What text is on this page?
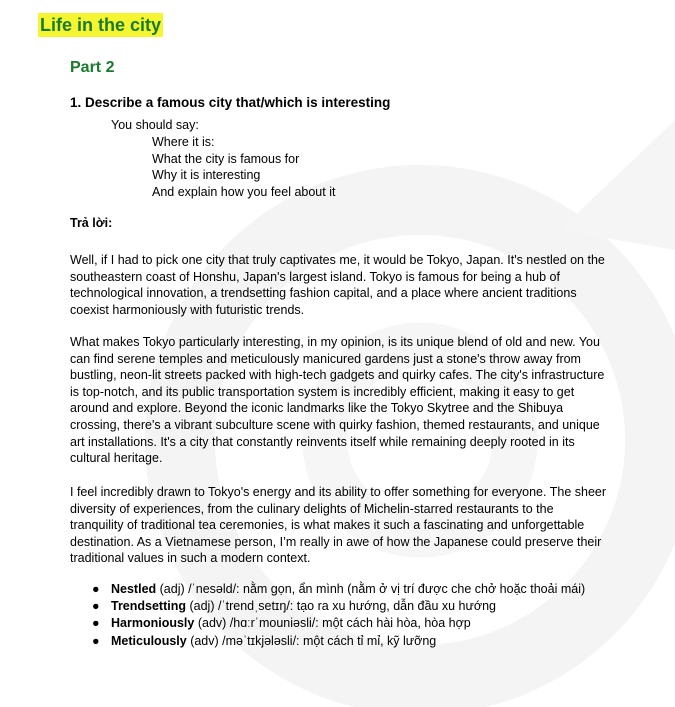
Life in the city
Part 2
1. Describe a famous city that/which is interesting
You should say:
Where it is:
What the city is famous for
Why it is interesting
And explain how you feel about it
Trả lời:

Well, if I had to pick one city that truly captivates me, it would be Tokyo, Japan. It's nestled on the southeastern coast of Honshu, Japan's largest island. Tokyo is famous for being a hub of technological innovation, a trendsetting fashion capital, and a place where ancient traditions coexist harmoniously with futuristic trends.

What makes Tokyo particularly interesting, in my opinion, is its unique blend of old and new. You can find serene temples and meticulously manicured gardens just a stone's throw away from bustling, neon-lit streets packed with high-tech gadgets and quirky cafes. The city's infrastructure is top-notch, and its public transportation system is incredibly efficient, making it easy to get around and explore. Beyond the iconic landmarks like the Tokyo Skytree and the Shibuya crossing, there's a vibrant subculture scene with quirky fashion, themed restaurants, and unique art installations. It's a city that constantly reinvents itself while remaining deeply rooted in its cultural heritage.

I feel incredibly drawn to Tokyo's energy and its ability to offer something for everyone. The sheer diversity of experiences, from the culinary delights of Michelin-starred restaurants to the tranquility of traditional tea ceremonies, is what makes it such a fascinating and unforgettable destination. As a Vietnamese person, I’m really in awe of how the Japanese could preserve their traditional values in such a modern context.

● Nestled (adj) /ˈnesəld/: nằm gọn, ẩn mình (nằm ở vị trí được che chở hoặc thoải mái)
● Trendsetting (adj) /ˈtrendˌsetɪŋ/: tạo ra xu hướng, dẫn đầu xu hướng
● Harmoniously (adv) /hɑːrˈmouniəsli/: một cách hài hòa, hòa hợp
● Meticulously (adv) /məˈtɪkjələsli/: một cách tỉ mỉ, kỹ lưỡng
